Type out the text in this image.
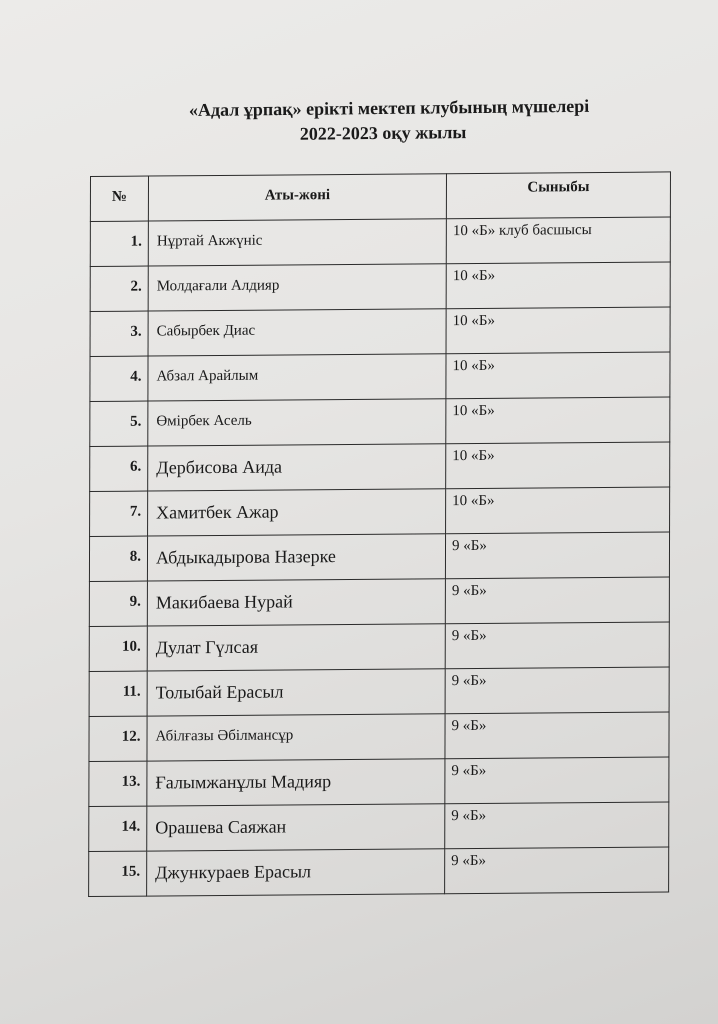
«Адал ұрпақ» ерікті мектеп клубының мүшелері
2022-2023 оқу жылы
№	Аты-жөні	Сыныбы

1.	Нұртай Акжүніс	10 «Б» клуб басшысы

2.	Молдағали Алдияр	10 «Б»

3.	Сабырбек Диас	10 «Б»

4.	Абзал Арайлым	10 «Б»

5.	Өмірбек Асель	10 «Б»

6.	Дербисова Аида	10 «Б»

7.	Хамитбек Ажар	10 «Б»

8.	Абдыкадырова Назерке	9 «Б»

9.	Макибаева Нурай	9 «Б»

10.	Дулат Гүлсая	9 «Б»

11.	Толыбай Ерасыл	9 «Б»

12.	Абілғазы Әбілмансұр	9 «Б»

13.	Ғалымжанұлы Мадияр	9 «Б»

14.	Орашева Саяжан	9 «Б»

15.	Джункураев Ерасыл	9 «Б»
